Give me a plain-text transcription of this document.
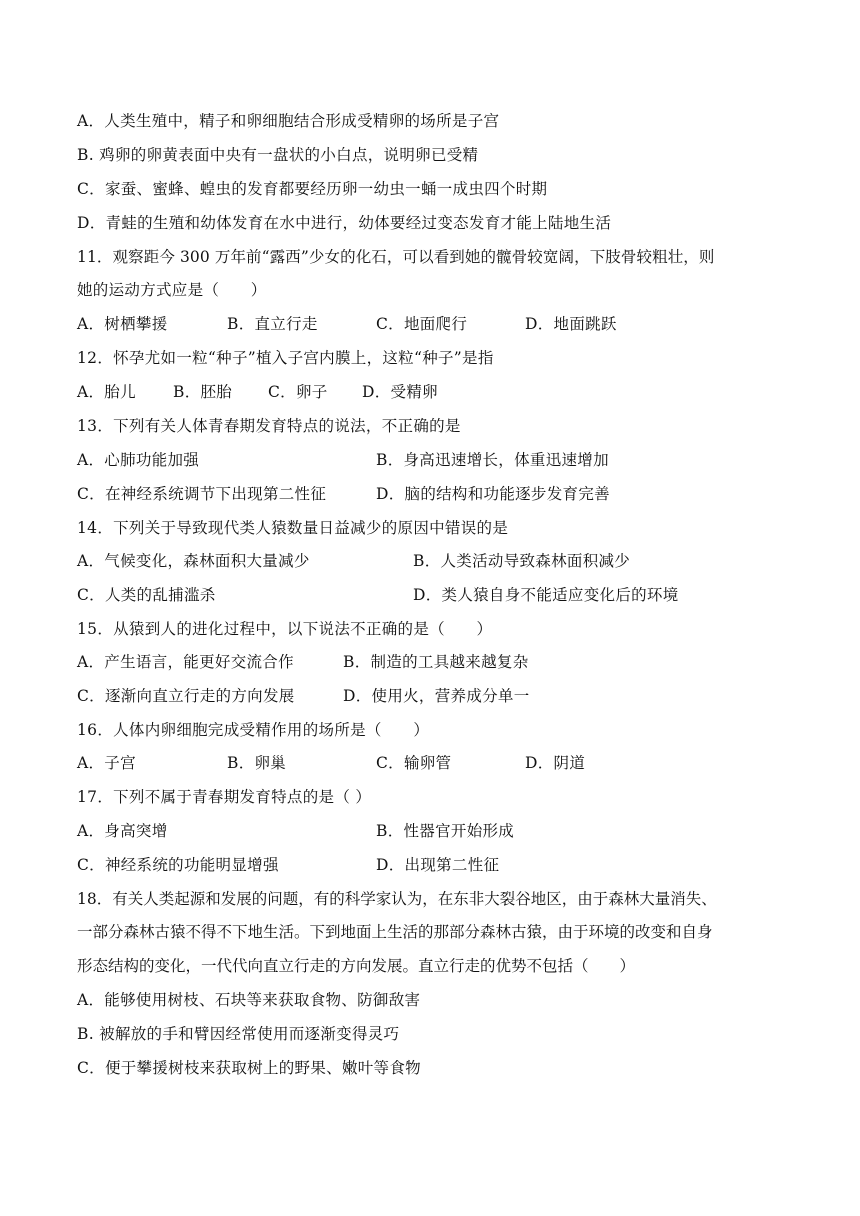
A．人类生殖中，精子和卵细胞结合形成受精卵的场所是子宫
B. 鸡卵的卵黄表面中央有一盘状的小白点，说明卵已受精
C．家蚕、蜜蜂、蝗虫的发育都要经历卵一幼虫一蛹一成虫四个时期
D．青蛙的生殖和幼体发育在水中进行，幼体要经过变态发育才能上陆地生活
11．观察距今 300 万年前“露西”少女的化石，可以看到她的髋骨较宽阔，下肢骨较粗壮，则
她的运动方式应是（　　）
A．树栖攀援	B．直立行走	C．地面爬行	D．地面跳跃
12．怀孕尤如一粒“种子”植入子宫内膜上，这粒“种子”是指
A．胎儿 B．胚胎 C．卵子 D．受精卵
13．下列有关人体青春期发育特点的说法，不正确的是
A．心肺功能加强	B．身高迅速增长，体重迅速增加
C．在神经系统调节下出现第二性征	D．脑的结构和功能逐步发育完善
14．下列关于导致现代类人猿数量日益减少的原因中错误的是
A．气候变化，森林面积大量减少	B．人类活动导致森林面积减少
C．人类的乱捕滥杀	D．类人猿自身不能适应变化后的环境
15．从猿到人的进化过程中，以下说法不正确的是（　　）
A．产生语言，能更好交流合作	B．制造的工具越来越复杂
C．逐渐向直立行走的方向发展	D．使用火，营养成分单一
16．人体内卵细胞完成受精作用的场所是（　　）
A．子宫	B．卵巢	C．输卵管	D．阴道
17．下列不属于青春期发育特点的是（ ）
A．身高突增	B．性器官开始形成
C．神经系统的功能明显增强	D．出现第二性征
18．有关人类起源和发展的问题，有的科学家认为，在东非大裂谷地区，由于森林大量消失、
一部分森林古猿不得不下地生活。下到地面上生活的那部分森林古猿，由于环境的改变和自身
形态结构的变化，一代代向直立行走的方向发展。直立行走的优势不包括（　　）
A．能够使用树枝、石块等来获取食物、防御敌害
B. 被解放的手和臂因经常使用而逐渐变得灵巧
C．便于攀援树枝来获取树上的野果、嫩叶等食物
